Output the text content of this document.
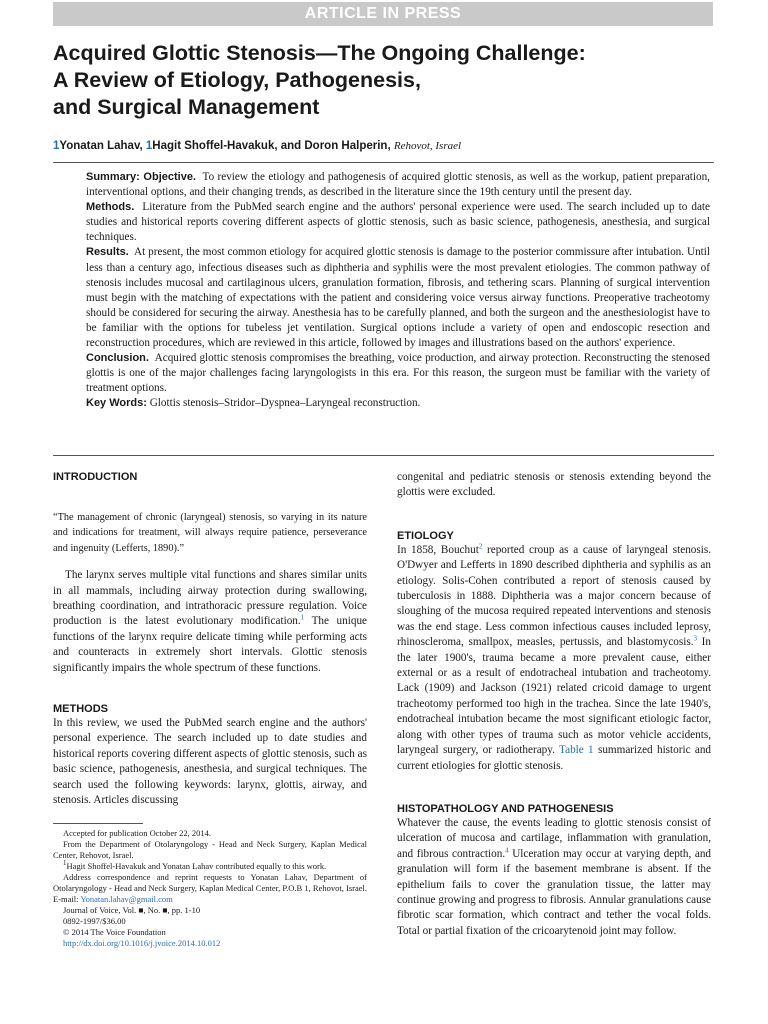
ARTICLE IN PRESS
Acquired Glottic Stenosis—The Ongoing Challenge:
A Review of Etiology, Pathogenesis,
and Surgical Management
1Yonatan Lahav, 1Hagit Shoffel-Havakuk, and Doron Halperin, Rehovot, Israel

Summary: Objective. To review the etiology and pathogenesis of acquired glottic stenosis, as well as the workup, patient preparation, interventional options, and their changing trends, as described in the literature since the 19th century until the present day.

Methods. Literature from the PubMed search engine and the authors' personal experience were used. The search included up to date studies and historical reports covering different aspects of glottic stenosis, such as basic science, pathogenesis, anesthesia, and surgical techniques.

Results. At present, the most common etiology for acquired glottic stenosis is damage to the posterior commissure after intubation. Until less than a century ago, infectious diseases such as diphtheria and syphilis were the most prevalent etiologies. The common pathway of stenosis includes mucosal and cartilaginous ulcers, granulation formation, fibrosis, and tethering scars. Planning of surgical intervention must begin with the matching of expectations with the patient and considering voice versus airway functions. Preoperative tracheotomy should be considered for securing the airway. Anesthesia has to be carefully planned, and both the surgeon and the anesthesiologist have to be familiar with the options for tubeless jet ventilation. Surgical options include a variety of open and endoscopic resection and reconstruction procedures, which are reviewed in this article, followed by images and illustrations based on the authors' experience.

Conclusion. Acquired glottic stenosis compromises the breathing, voice production, and airway protection. Reconstructing the stenosed glottis is one of the major challenges facing laryngologists in this era. For this reason, the surgeon must be familiar with the variety of treatment options.

Key Words: Glottis stenosis–Stridor–Dyspnea–Laryngeal reconstruction.

INTRODUCTION

“The management of chronic (laryngeal) stenosis, so varying in its nature and indications for treatment, will always require patience, perseverance and ingenuity (Lefferts, 1890).”

The larynx serves multiple vital functions and shares similar units in all mammals, including airway protection during swallowing, breathing coordination, and intrathoracic pressure regulation. Voice production is the latest evolutionary modification.$^1$ The unique functions of the larynx require delicate timing while performing acts and counteracts in extremely short intervals. Glottic stenosis significantly impairs the whole spectrum of these functions.

METHODS

In this review, we used the PubMed search engine and the authors' personal experience. The search included up to date studies and historical reports covering different aspects of glottic stenosis, such as basic science, pathogenesis, anesthesia, and surgical techniques. The search used the following keywords: larynx, glottis, airway, and stenosis. Articles discussing

Accepted for publication October 22, 2014.

From the Department of Otolaryngology - Head and Neck Surgery, Kaplan Medical Center, Rehovot, Israel.

$^1$Hagit Shoffel-Havakuk and Yonatan Lahav contributed equally to this work.

Address correspondence and reprint requests to Yonatan Lahav, Department of Otolaryngology - Head and Neck Surgery, Kaplan Medical Center, P.O.B 1, Rehovot, Israel. E-mail: Yonatan.lahav@gmail.com

Journal of Voice, Vol. ■, No. ■, pp. 1-10

0892-1997/$36.00

© 2014 The Voice Foundation

http://dx.doi.org/10.1016/j.jvoice.2014.10.012

congenital and pediatric stenosis or stenosis extending beyond the glottis were excluded.

ETIOLOGY

In 1858, Bouchut$^2$ reported croup as a cause of laryngeal stenosis. O'Dwyer and Lefferts in 1890 described diphtheria and syphilis as an etiology. Solis-Cohen contributed a report of stenosis caused by tuberculosis in 1888. Diphtheria was a major concern because of sloughing of the mucosa required repeated interventions and stenosis was the end stage. Less common infectious causes included leprosy, rhinoscleroma, smallpox, measles, pertussis, and blastomycosis.$^3$ In the later 1900's, trauma became a more prevalent cause, either external or as a result of endotracheal intubation and tracheotomy. Lack (1909) and Jackson (1921) related cricoid damage to urgent tracheotomy performed too high in the trachea. Since the late 1940's, endotracheal intubation became the most significant etiologic factor, along with other types of trauma such as motor vehicle accidents, laryngeal surgery, or radiotherapy. Table 1 summarized historic and current etiologies for glottic stenosis.

HISTOPATHOLOGY AND PATHOGENESIS

Whatever the cause, the events leading to glottic stenosis consist of ulceration of mucosa and cartilage, inflammation with granulation, and fibrous contraction.$^4$ Ulceration may occur at varying depth, and granulation will form if the basement membrane is absent. If the epithelium fails to cover the granulation tissue, the latter may continue growing and progress to fibrosis. Annular granulations cause fibrotic scar formation, which contract and tether the vocal folds. Total or partial fixation of the cricoarytenoid joint may follow.
